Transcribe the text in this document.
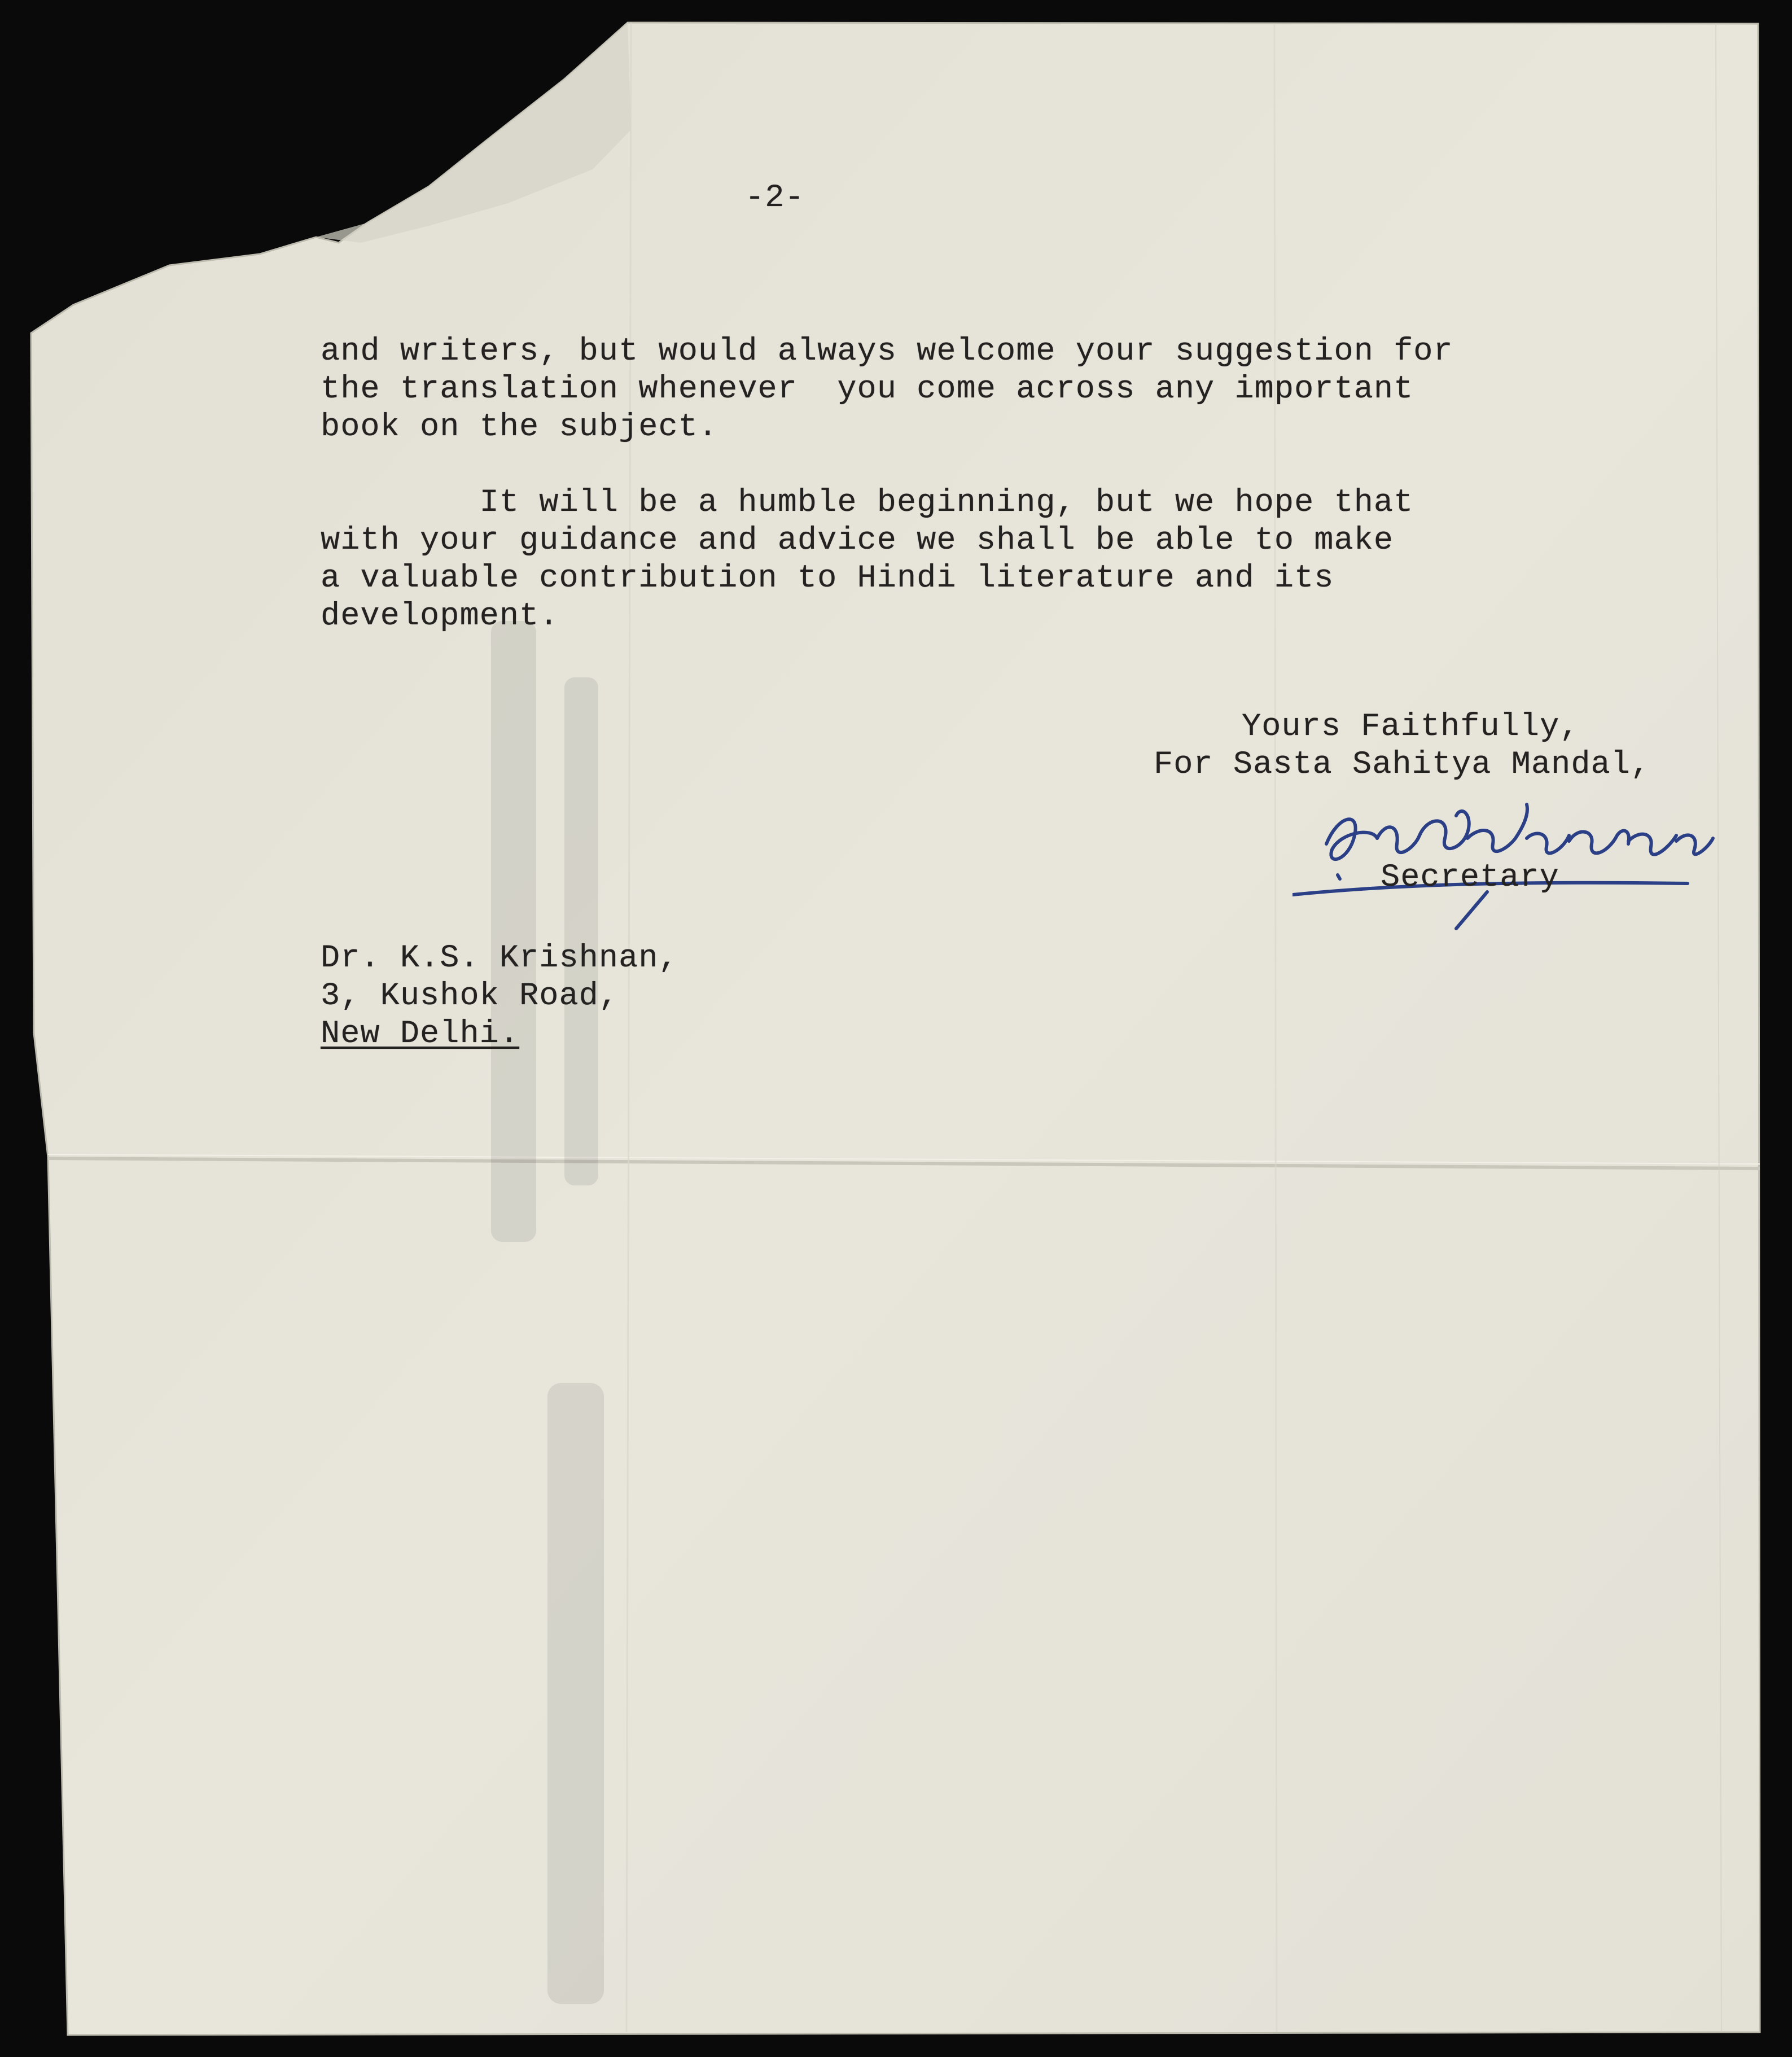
-2-

and writers, but would always welcome your suggestion for
the translation whenever  you come across any important
book on the subject.

It will be a humble beginning, but we hope that
with your guidance and advice we shall be able to make
a valuable contribution to Hindi literature and its
development.

Yours Faithfully,

For Sasta Sahitya Mandal,

Secretary

Dr. K.S. Krishnan,

3, Kushok Road,

New Delhi.
